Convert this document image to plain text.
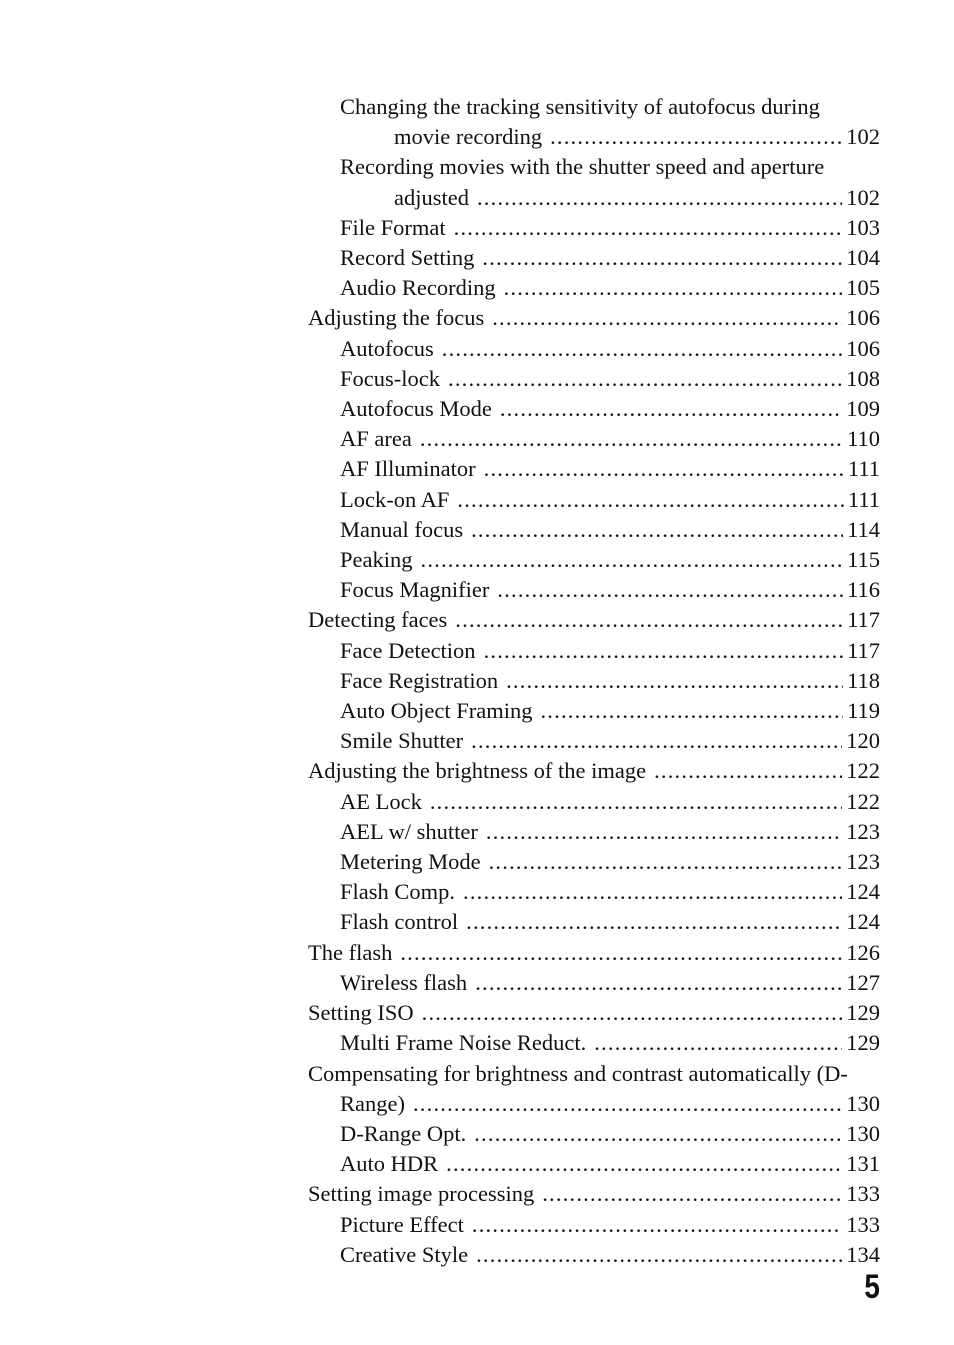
Changing the tracking sensitivity of autofocus during
movie recording .....	102
Recording movies with the shutter speed and aperture
adjusted .....	102
File Format .....	103
Record Setting .....	104
Audio Recording .....	105
Adjusting the focus .....	106
Autofocus .....	106
Focus-lock .....	108
Autofocus Mode .....	109
AF area .....	110
AF Illuminator .....	111
Lock-on AF .....	111
Manual focus .....	114
Peaking .....	115
Focus Magnifier .....	116
Detecting faces .....	117
Face Detection .....	117
Face Registration .....	118
Auto Object Framing .....	119
Smile Shutter .....	120
Adjusting the brightness of the image .....	122
AE Lock .....	122
AEL w/ shutter .....	123
Metering Mode .....	123
Flash Comp. .....	124
Flash control .....	124
The flash .....	126
Wireless flash .....	127
Setting ISO .....	129
Multi Frame Noise Reduct. .....	129
Compensating for brightness and contrast automatically (D-
Range) .....	130
D-Range Opt. .....	130
Auto HDR .....	131
Setting image processing .....	133
Picture Effect .....	133
Creative Style .....	134
5
